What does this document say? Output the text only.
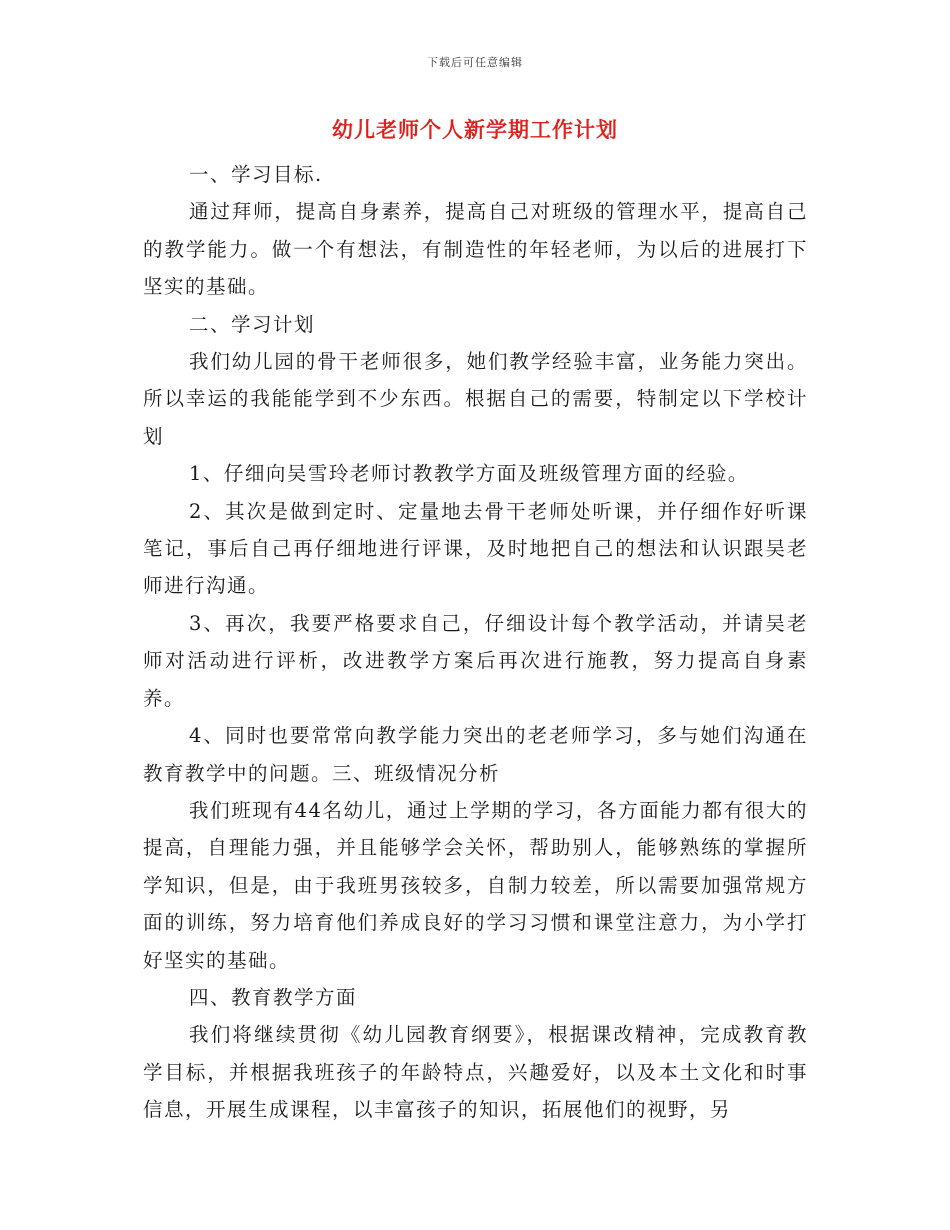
下载后可任意编辑
幼儿老师个人新学期工作计划

一、学习目标.

通过拜师，提高自身素养，提高自己对班级的管理水平，提高自己的教学能力。做一个有想法，有制造性的年轻老师，为以后的进展打下坚实的基础。

二、学习计划

我们幼儿园的骨干老师很多，她们教学经验丰富，业务能力突出。所以幸运的我能能学到不少东西。根据自己的需要，特制定以下学校计划

1、仔细向吴雪玲老师讨教教学方面及班级管理方面的经验。

2、其次是做到定时、定量地去骨干老师处听课，并仔细作好听课笔记，事后自己再仔细地进行评课，及时地把自己的想法和认识跟吴老师进行沟通。

3、再次，我要严格要求自己，仔细设计每个教学活动，并请吴老师对活动进行评析，改进教学方案后再次进行施教，努力提高自身素养。

4、同时也要常常向教学能力突出的老老师学习，多与她们沟通在教育教学中的问题。三、班级情况分析

我们班现有44名幼儿，通过上学期的学习，各方面能力都有很大的提高，自理能力强，并且能够学会关怀，帮助别人，能够熟练的掌握所学知识，但是，由于我班男孩较多，自制力较差，所以需要加强常规方面的训练，努力培育他们养成良好的学习习惯和课堂注意力，为小学打好坚实的基础。

四、教育教学方面

我们将继续贯彻《幼儿园教育纲要》，根据课改精神，完成教育教学目标，并根据我班孩子的年龄特点，兴趣爱好，以及本土文化和时事信息，开展生成课程，以丰富孩子的知识，拓展他们的视野，另
